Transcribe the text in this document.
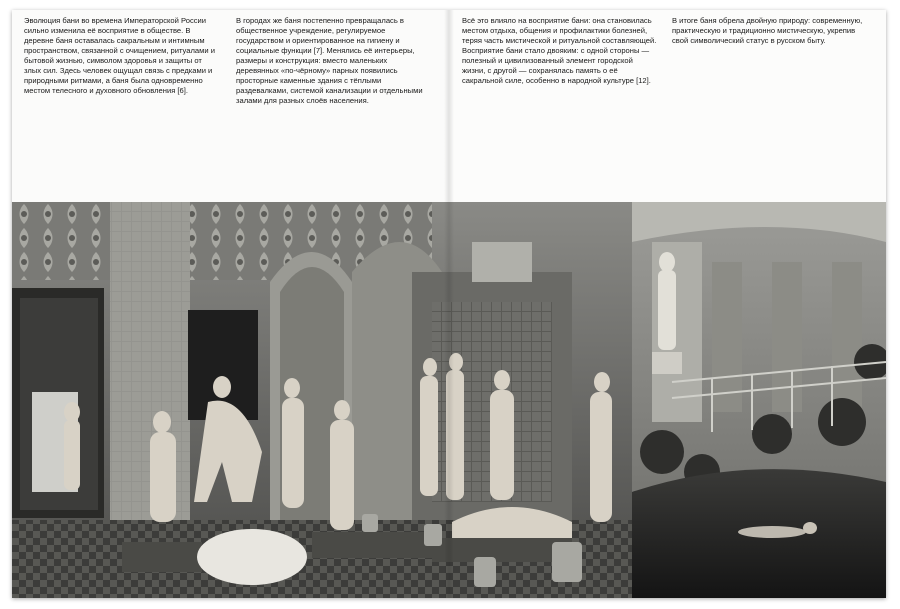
Эволюция бани во времена Императорской России сильно изменила её восприятие в обществе. В деревне баня оставалась сакральным и интимным пространством, связанной с очищением, ритуалами и бытовой жизнью, символом здоровья и защиты от злых сил. Здесь человек ощущал связь с предками и природными ритмами, а баня была одновременно местом телесного и духовного обновления [6].
В городах же баня постепенно превращалась в общественное учреждение, регулируемое государством и ориентированное на гигиену и социальные функции [7]. Менялись её интерьеры, размеры и конструкция: вместо маленьких деревянных «по‑чёрному» парных появились просторные каменные здания с тёплыми раздевалками, системой канализации и отдельными залами для разных слоёв населения.
Всё это влияло на восприятие бани: она становилась местом отдыха, общения и профилактики болезней, теряя часть мистической и ритуальной составляющей. Восприятие бани стало двояким: с одной стороны — полезный и цивилизованный элемент городской жизни, с другой — сохранялась память о её сакральной силе, особенно в народной культуре [12].
В итоге баня обрела двойную природу: современную, практическую и традиционно мистическую, укрепив свой символический статус в русском быту.
